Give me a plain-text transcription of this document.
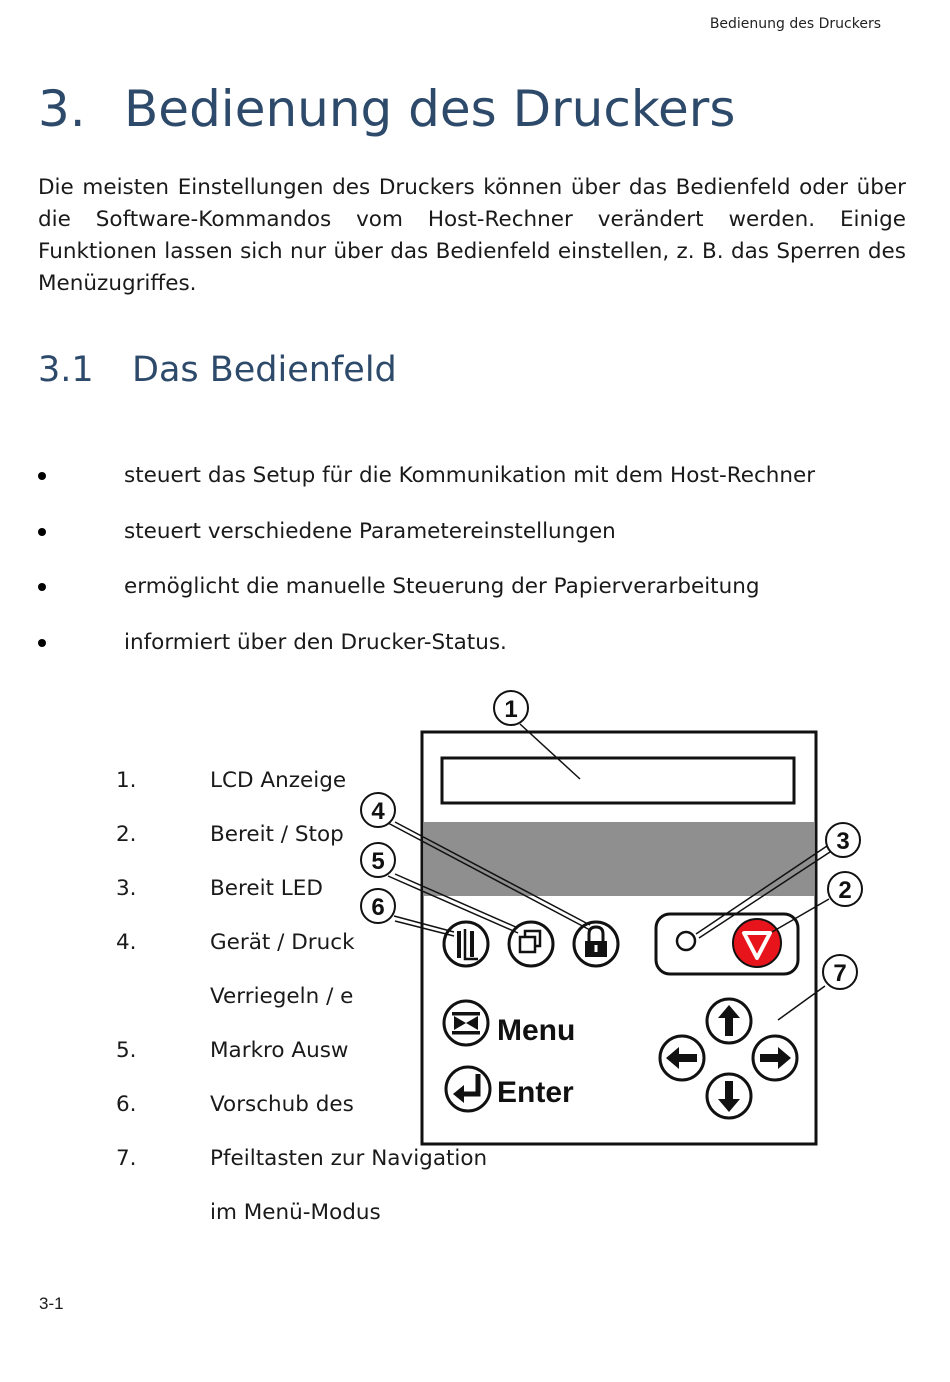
Bedienung des Druckers
3. Bedienung des Druckers

Die meisten Einstellungen des Druckers können über das Bedienfeld oder über die Software-Kommandos vom Host-Rechner verändert werden. Einige Funktionen lassen sich nur über das Bedienfeld einstellen, z. B. das Sperren des Menüzugriffes.

3.1 Das Bedienfeld
steuert das Setup für die Kommunikation mit dem Host-Rechner
steuert verschiedene Parametereinstellungen
ermöglicht die manuelle Steuerung der Papierverarbeitung
informiert über den Drucker-Status.
1.	LCD Anzeige
2.	Bereit / Stop
3.	Bereit LED
4.	Gerät / Druck
Verriegeln / e
5.	Markro Ausw
6.	Vorschub des
7.	Pfeiltasten zur Navigation
im Menü-Modus
Menu
Enter
1
4
5
6
3
2
7
3-1
